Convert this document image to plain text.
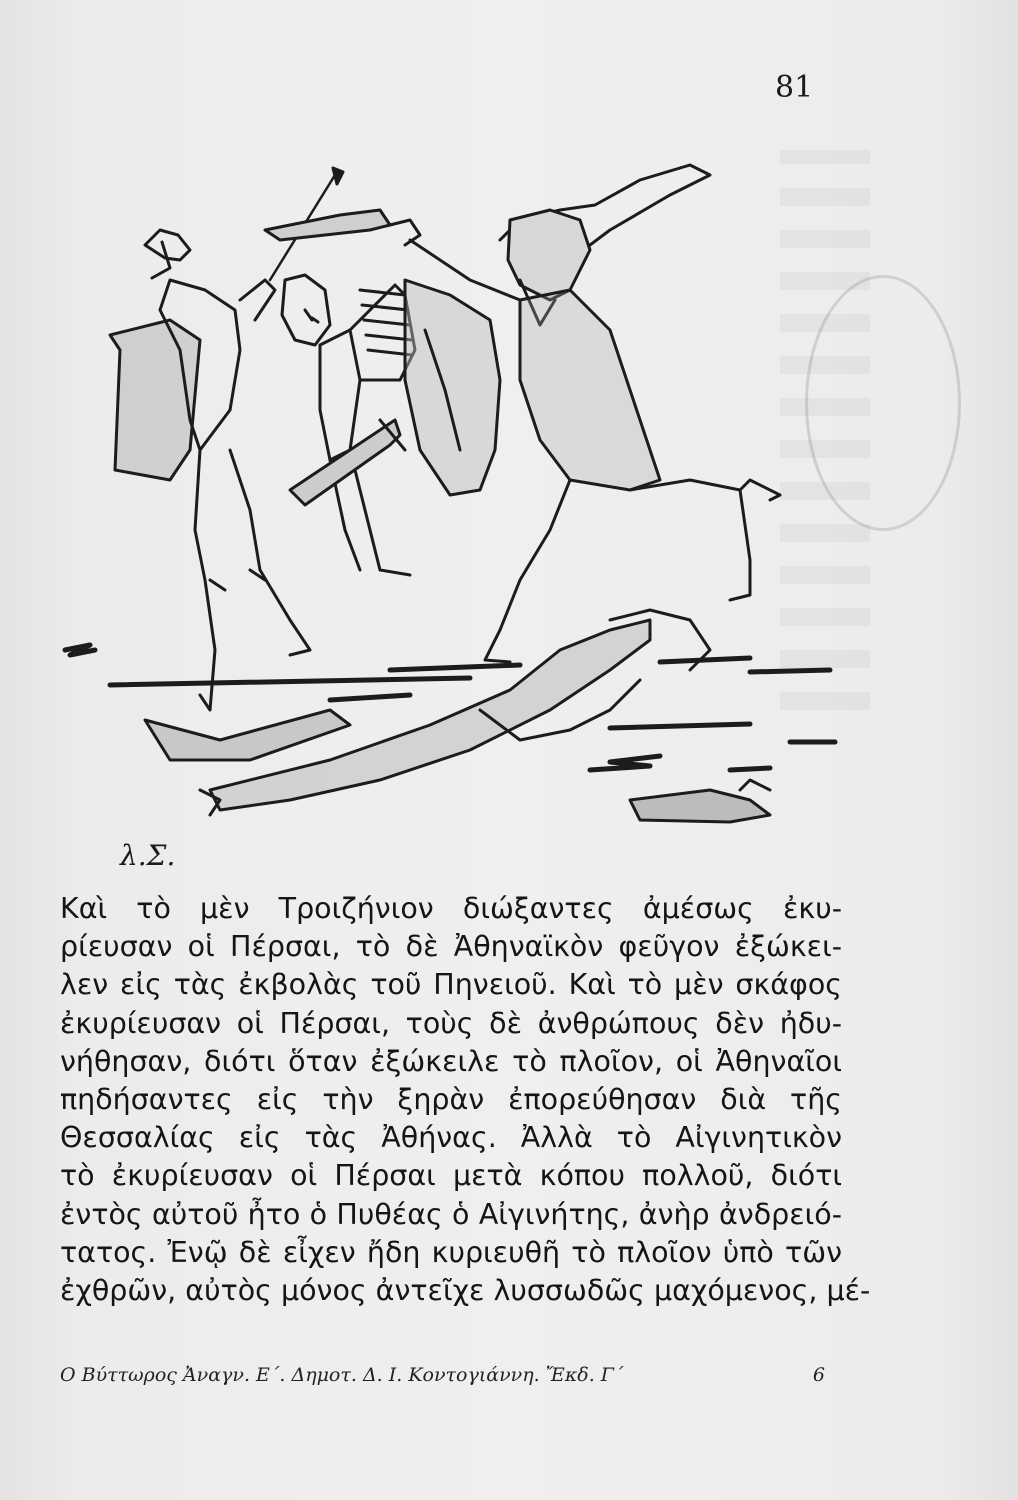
81
λ.Σ.
Καὶ τὸ μὲν Τροιζήνιον διώξαντες ἀμέσως ἐκυ-
ρίευσαν οἱ Πέρσαι, τὸ δὲ Ἀθηναϊκὸν φεῦγον ἐξώκει-
λεν εἰς τὰς ἐκβολὰς τοῦ Πηνειοῦ. Καὶ τὸ μὲν σκάφος
ἐκυρίευσαν οἱ Πέρσαι, τοὺς δὲ ἀνθρώπους δὲν ἠδυ-
νήθησαν, διότι ὅταν ἐξώκειλε τὸ πλοῖον, οἱ Ἀθηναῖοι
πηδήσαντες εἰς τὴν ξηρὰν ἐπορεύθησαν διὰ τῆς
Θεσσαλίας εἰς τὰς Ἀθήνας. Ἀλλὰ τὸ Αἰγινητικὸν
τὸ ἐκυρίευσαν οἱ Πέρσαι μετὰ κόπου πολλοῦ, διότι
ἐντὸς αὐτοῦ ἦτο ὁ Πυθέας ὁ Αἰγινήτης, ἀνὴρ ἀνδρειό-
τατος. Ἐνῷ δὲ εἶχεν ἤδη κυριευθῆ τὸ πλοῖον ὑπὸ τῶν
ἐχθρῶν, αὐτὸς μόνος ἀντεῖχε λυσσωδῶς μαχόμενος, μέ-
Ο Βύττωρος Ἀναγν. Ε΄. Δημοτ. Δ. Ι. Κοντογιάννη. Ἔκδ. Γ΄	6
